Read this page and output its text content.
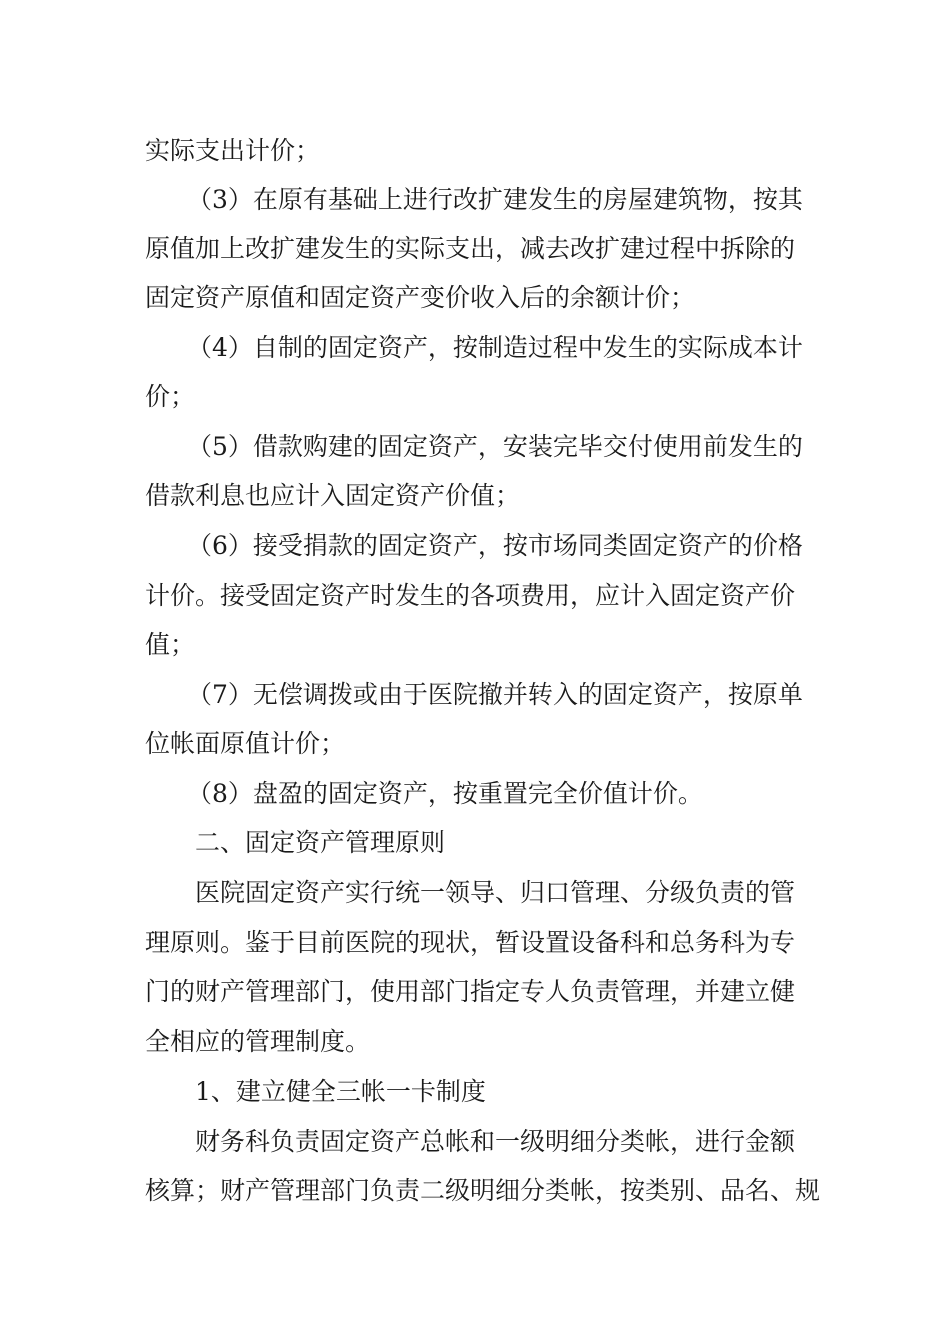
实际支出计价；
（3）在原有基础上进行改扩建发生的房屋建筑物，按其
原值加上改扩建发生的实际支出，减去改扩建过程中拆除的
固定资产原值和固定资产变价收入后的余额计价；
（4）自制的固定资产，按制造过程中发生的实际成本计
价；
（5）借款购建的固定资产，安装完毕交付使用前发生的
借款利息也应计入固定资产价值；
（6）接受捐款的固定资产，按市场同类固定资产的价格
计价。接受固定资产时发生的各项费用，应计入固定资产价
值；
（7）无偿调拨或由于医院撤并转入的固定资产，按原单
位帐面原值计价；
（8）盘盈的固定资产，按重置完全价值计价。
二、固定资产管理原则
医院固定资产实行统一领导、归口管理、分级负责的管
理原则。鉴于目前医院的现状，暂设置设备科和总务科为专
门的财产管理部门，使用部门指定专人负责管理，并建立健
全相应的管理制度。
1、建立健全三帐一卡制度
财务科负责固定资产总帐和一级明细分类帐，进行金额
核算；财产管理部门负责二级明细分类帐，按类别、品名、规
